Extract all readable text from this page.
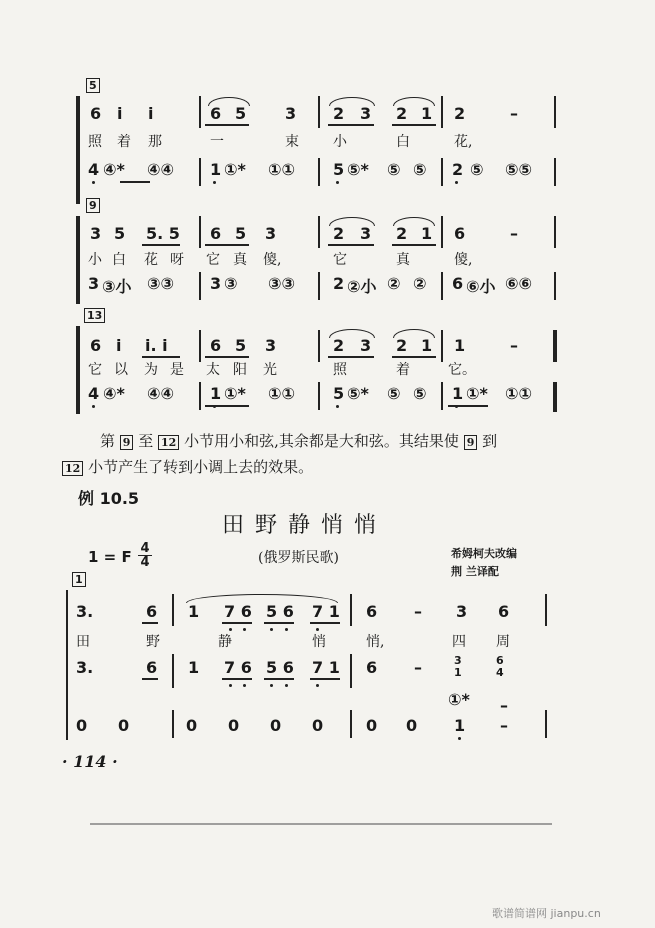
5
6 i i	6 5 3 2 3 2 1 2	–
照 着 那	一	束 小	白	花,
4 ④* ④④ 1 ①* ①① 5 ⑤* ⑤ ⑤ 2 ⑤ ⑤⑤
9
3 5 5. 5 6 5 3	2 3 2 1 6	–
小 白 花 呀 它 真 傻,	它	真	傻,
3 ③小 ③③ 3 ③ ③③ 2 ②小 ② ② 6 ⑥小 ⑥⑥
13
6 i i. i	6 5 3	2 3 2 1 1	–
它 以 为 是 太 阳 光	照	着	它。
4 ④* ④④ 1 ①* ①① 5 ⑤* ⑤ ⑤ 1 ①* ①①
第 9 至 12 小节用小和弦,其余都是大和弦。其结果使 9 到
12 小节产生了转到小调上去的效果。
例 10.5
田 野 静 悄 悄
1 = F $\frac{4}{4}$	(俄罗斯民歌)	希姆柯夫改编
荆 兰译配
1
3.	6 1 7 6 5 6 7 1 6 – 3 6
田	野	静	悄	悄,	四 周
3.	6 1 7 6 5 6 7 1 6 –	3
1
6
4
①* –
0 0	0 0 0 0	0 0 1 –
· 114 ·
歌谱简谱网 jianpu.cn
